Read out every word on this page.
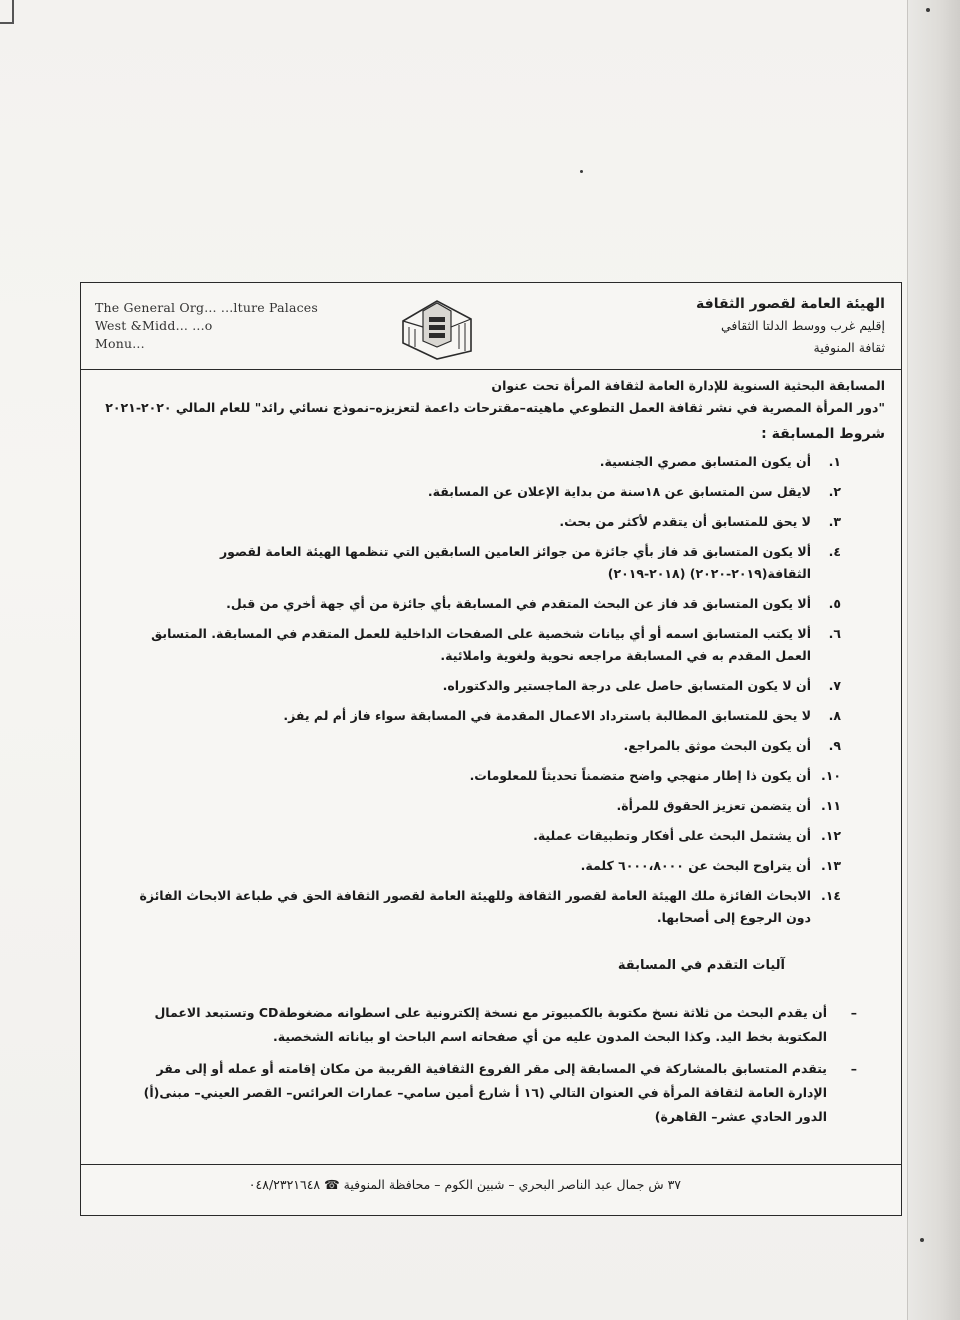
The General Org... ...lture Palaces
West &Midd... ...o
Monu...
الهيئة العامة لقصور الثقافة
إقليم غرب ووسط الدلتا الثقافي
ثقافة المنوفية
المسابقة البحثية السنوية للإدارة العامة لثقافة المرأة تحت عنوان
"دور المرأة المصرية في نشر ثقافة العمل التطوعي ماهيته–مقترحات داعمة لتعزيزه–نموذج نسائي رائد" للعام المالي ٢٠٢٠-٢٠٢١
شروط المسابقة :
١.
أن يكون المتسابق مصري الجنسية.
٢.
لايقل سن المتسابق عن ١٨سنة من بداية الإعلان عن المسابقة.
٣.
لا يحق للمتسابق أن يتقدم لأكثر من بحث.
٤.
ألا يكون المتسابق قد فاز بأي جائزة من جوائز العامين السابقين التي تنظمها الهيئة العامة لقصور الثقافة(٢٠١٩-٢٠٢٠) (٢٠١٨-٢٠١٩)
٥.
ألا يكون المتسابق قد فاز عن البحث المتقدم في المسابقة بأي جائزة من أي جهة أخري من قبل.
٦.
ألا يكتب المتسابق اسمه أو أي بيانات شخصية على الصفحات الداخلية للعمل المتقدم في المسابقة. المتسابق العمل المقدم به في المسابقة مراجعه نحوية ولغوية واملائية.
٧.
أن لا يكون المتسابق حاصل على درجة الماجستير والدكتوراه.
٨.
لا يحق للمتسابق المطالبة باسترداد الاعمال المقدمة في المسابقة سواء فاز أم لم يفز.
٩.
أن يكون البحث موثق بالمراجع.
١٠.
أن يكون ذا إطار منهجي واضح متضمناً تحديثاً للمعلومات.
١١.
أن يتضمن تعزيز الحقوق للمرأة.
١٢.
أن يشتمل البحث على أفكار وتطبيقات عملية.
١٣.
أن يتراوح البحث عن ٦٠٠٠،٨٠٠٠ كلمة.
١٤.
الابحاث الفائزة ملك الهيئة العامة لقصور الثقافة وللهيئة العامة لقصور الثقافة الحق في طباعة الابحاث الفائزة دون الرجوع إلى أصحابها.
آليات التقدم في المسابقة
–
أن يقدم البحث من ثلاثة نسخ مكتوبة بالكمبيوتر مع نسخة إلكترونية على اسطوانه مضغوطةCD وتستبعد الاعمال المكتوبة بخط اليد. وكذا البحث المدون عليه من أي صفحاته اسم الباحث او بياناته الشخصية.
–
يتقدم المتسابق بالمشاركة في المسابقة إلى مقر الفروع الثقافية القريبة من مكان إقامته أو عمله أو إلى مقر الإدارة العامة لثقافة المرأة في العنوان التالي (١٦ أ شارع أمين سامي– عمارات العرائس– القصر العيني– مبنى(أ) الدور الحادي عشر– القاهرة)
٣٧ ش جمال عبد الناصر البحري – شبين الكوم – محافظة المنوفية ☎ ٠٤٨/٢٣٢١٦٤٨
